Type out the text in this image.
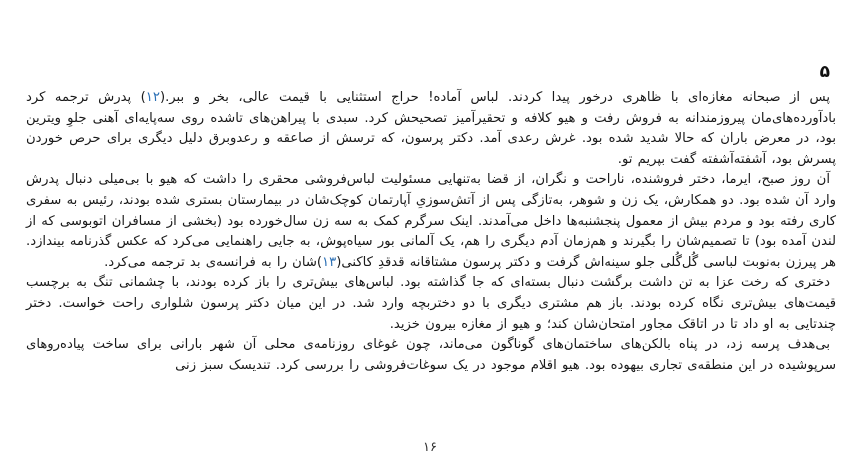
۵

پس از صبحانه مغازه‌ای با ظاهری درخور پیدا کردند. لباس آماده! حراج استثنایی با قیمت عالی، بخر و ببر.(۱۲) پدرش ترجمه کرد بادآورده‌های‌مان پیروزمندانه به فروش رفت و هیو کلافه و تحقیرآمیز تصحیحش کرد. سبدی با پیراهن‌های تاشده روی سه‌پایه‌ای آهنی جلوِ ویترین بود، در معرض باران که حالا شدید شده بود. غرش رعدی آمد. دکتر پرسون، که ترسش از صاعقه و رعدوبرق دلیل دیگری برای حرص خوردن پسرش بود، آشفته‌آشفته گفت بپریم تو.

آن روز صبح، ایرما، دختر فروشنده، ناراحت و نگران، از قضا به‌تنهایی مسئولیت لباس‌فروشی محقری را داشت که هیو با بی‌میلی دنبال پدرش وارد آن شده بود. دو همکارش، یک زن و شوهر، به‌تازگی پس از آتش‌سوزیِ آپارتمان کوچک‌شان در بیمارستان بستری شده بودند، رئیس به سفری کاری رفته بود و مردم بیش از معمول پنجشنبه‌ها داخل می‌آمدند. اینک سرگرم کمک به سه زن سال‌خورده بود (بخشی از مسافران اتوبوسی که از لندن آمده بود) تا تصمیم‌شان را بگیرند و هم‌زمان آدم دیگری را هم، یک آلمانی بور سیاه‌پوش، به جایی راهنمایی می‌کرد که عکس گذرنامه بیندازد. هر پیرزن به‌نوبت لباسی گُل‌گُلی جلو سینه‌اش گرفت و دکتر پرسون مشتاقانه قدقدِ کاکنی(۱۳)شان را به فرانسه‌ی بد ترجمه می‌کرد.

دختری که رخت عزا به تن داشت برگشت دنبال بسته‌ای که جا گذاشته بود. لباس‌های بیش‌تری را باز کرده بودند، با چشمانی تنگ به برچسب قیمت‌های بیش‌تری نگاه کرده بودند. باز هم مشتری دیگری با دو دختربچه وارد شد. در این میان دکتر پرسون شلواری راحت خواست. دختر چندتایی به او داد تا در اتاقک مجاور امتحان‌شان کند؛ و هیو از مغازه بیرون خزید.

بی‌هدف پرسه زد، در پناه بالکن‌های ساختمان‌های گوناگون می‌ماند، چون غوغای روزنامه‌ی محلی آن شهر بارانی برای ساخت پیاده‌روهای سرپوشیده در این منطقه‌ی تجاری بیهوده بود. هیو اقلام موجود در یک سوغات‌فروشی را بررسی کرد. تندیسک سبز زنی

۱۶
